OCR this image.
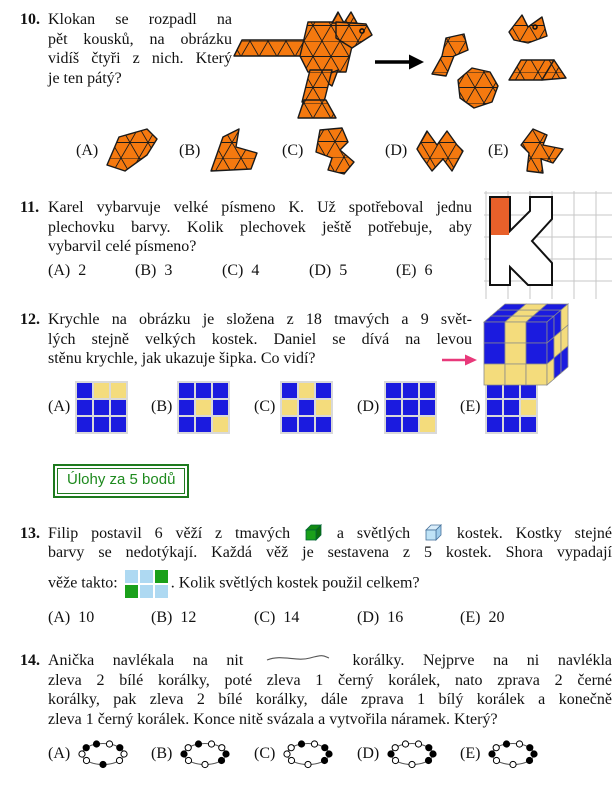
10. Klokan se rozpadl na
pět kousků, na obrázku
vidíš čtyři z nich. Který
je ten pátý?
(A)	(B)	(C)	(D)	(E)
11. Karel vybarvuje velké písmeno K. Už spotřeboval jednu
plechovku barvy. Kolik plechovek ještě potřebuje, aby
vybarvil celé písmeno?
(A) 2	(B) 3	(C) 4	(D) 5	(E) 6
12. Krychle na obrázku je složena z 18 tmavých a 9 svět-
lých stejně velkých kostek. Daniel se dívá na levou
stěnu krychle, jak ukazuje šipka. Co vidí?
(A)	(B)	(C)	(D)	(E)
Úlohy za 5 bodů
13. Filip postavil 6 věží z tmavých	a světlých	kostek. Kostky stejné
barvy se nedotýkají. Každá věž je sestavena z 5 kostek. Shora vypadají
věže takto:	. Kolik světlých kostek použil celkem?
(A) 10	(B) 12	(C) 14	(D) 16	(E) 20
14. Anička navlékala na nit	korálky. Nejprve na ni navlékla
zleva 2 bílé korálky, poté zleva 1 černý korálek, nato zprava 2 černé
korálky, pak zleva 2 bílé korálky, dále zprava 1 bílý korálek a konečně
zleva 1 černý korálek. Konce nitě svázala a vytvořila náramek. Který?
(A)	(B)	(C)	(D)	(E)
